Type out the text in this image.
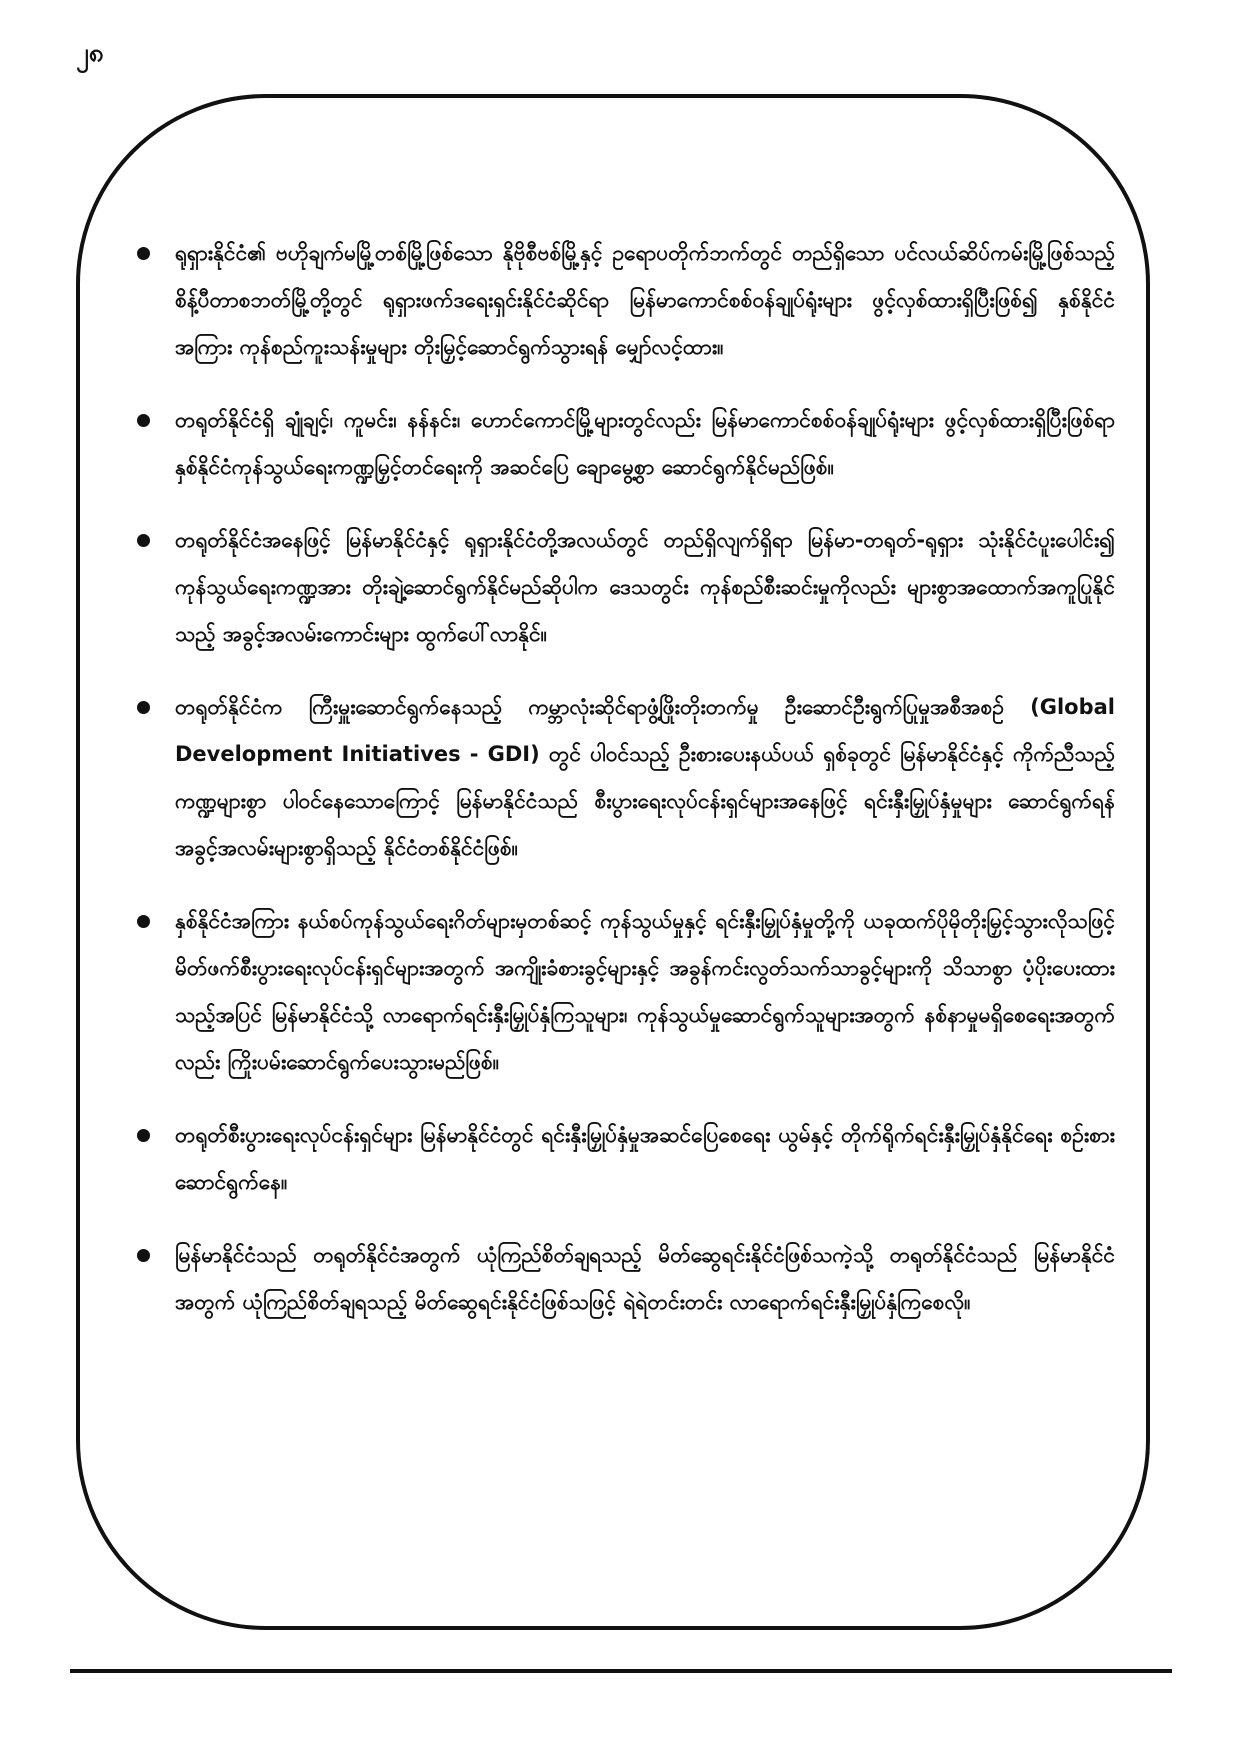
၂၈
ရုရှားနိုင်ငံ၏ ဗဟိုချက်မမြို့တစ်မြို့ဖြစ်သော နိုဗိုစီဗစ်မြို့နှင့် ဥရောပတိုက်ဘက်တွင် တည်ရှိသော ပင်လယ်ဆိပ်ကမ်းမြို့ဖြစ်သည့် စိန့်ပီတာစဘတ်မြို့တို့တွင် ရုရှားဖက်ဒရေးရှင်းနိုင်ငံဆိုင်ရာ မြန်မာကောင်စစ်ဝန်ချုပ်ရုံးများ ဖွင့်လှစ်ထားရှိပြီးဖြစ်၍ နှစ်နိုင်ငံအကြား ကုန်စည်ကူးသန်းမှုများ တိုးမြှင့်ဆောင်ရွက်သွားရန် မျှော်လင့်ထား။
တရုတ်နိုင်ငံရှိ ချုံချင့်၊ ကူမင်း၊ နန်နင်း၊ ဟောင်ကောင်မြို့များတွင်လည်း မြန်မာကောင်စစ်ဝန်ချုပ်ရုံးများ ဖွင့်လှစ်ထားရှိပြီးဖြစ်ရာ နှစ်နိုင်ငံကုန်သွယ်ရေးကဏ္ဍမြှင့်တင်ရေးကို အဆင်ပြေ ချောမွေ့စွာ ဆောင်ရွက်နိုင်မည်ဖြစ်။
တရုတ်နိုင်ငံအနေဖြင့် မြန်မာနိုင်ငံနှင့် ရုရှားနိုင်ငံတို့အလယ်တွင် တည်ရှိလျက်ရှိရာ မြန်မာ-တရုတ်-ရုရှား သုံးနိုင်ငံပူးပေါင်း၍ ကုန်သွယ်ရေးကဏ္ဍအား တိုးချဲ့ဆောင်ရွက်နိုင်မည်ဆိုပါက ဒေသတွင်း ကုန်စည်စီးဆင်းမှုကိုလည်း များစွာအထောက်အကူပြုနိုင်သည့် အခွင့်အလမ်းကောင်းများ ထွက်ပေါ်လာနိုင်။
တရုတ်နိုင်ငံက ကြီးမှူးဆောင်ရွက်နေသည့် ကမ္ဘာလုံးဆိုင်ရာဖွံ့ဖြိုးတိုးတက်မှု ဦးဆောင်ဦးရွက်ပြုမှုအစီအစဉ် (Global Development Initiatives - GDI) တွင် ပါဝင်သည့် ဦးစားပေးနယ်ပယ် ရှစ်ခုတွင် မြန်မာနိုင်ငံနှင့် ကိုက်ညီသည့် ကဏ္ဍများစွာ ပါဝင်နေသောကြောင့် မြန်မာနိုင်ငံသည် စီးပွားရေးလုပ်ငန်းရှင်များအနေဖြင့် ရင်းနှီးမြှုပ်နှံမှုများ ဆောင်ရွက်ရန် အခွင့်အလမ်းများစွာရှိသည့် နိုင်ငံတစ်နိုင်ငံဖြစ်။
နှစ်နိုင်ငံအကြား နယ်စပ်ကုန်သွယ်ရေးဂိတ်များမှတစ်ဆင့် ကုန်သွယ်မှုနှင့် ရင်းနှီးမြှုပ်နှံမှုတို့ကို ယခုထက်ပိုမိုတိုးမြှင့်သွားလိုသဖြင့် မိတ်ဖက်စီးပွားရေးလုပ်ငန်းရှင်များအတွက် အကျိုးခံစားခွင့်များနှင့် အခွန်ကင်းလွတ်သက်သာခွင့်များကို သိသာစွာ ပံ့ပိုးပေးထားသည့်အပြင် မြန်မာနိုင်ငံသို့ လာရောက်ရင်းနှီးမြှုပ်နှံကြသူများ၊ ကုန်သွယ်မှုဆောင်ရွက်သူများအတွက် နစ်နာမှုမရှိစေရေးအတွက်လည်း ကြိုးပမ်းဆောင်ရွက်ပေးသွားမည်ဖြစ်။
တရုတ်စီးပွားရေးလုပ်ငန်းရှင်များ မြန်မာနိုင်ငံတွင် ရင်းနှီးမြှုပ်နှံမှုအဆင်ပြေစေရေး ယွမ်နှင့် တိုက်ရိုက်ရင်းနှီးမြှုပ်နှံနိုင်ရေး စဉ်းစားဆောင်ရွက်နေ။
မြန်မာနိုင်ငံသည် တရုတ်နိုင်ငံအတွက် ယုံကြည်စိတ်ချရသည့် မိတ်ဆွေရင်းနိုင်ငံဖြစ်သကဲ့သို့ တရုတ်နိုင်ငံသည် မြန်မာနိုင်ငံအတွက် ယုံကြည်စိတ်ချရသည့် မိတ်ဆွေရင်းနိုင်ငံဖြစ်သဖြင့် ရဲရဲတင်းတင်း လာရောက်ရင်းနှီးမြှုပ်နှံကြစေလို။
